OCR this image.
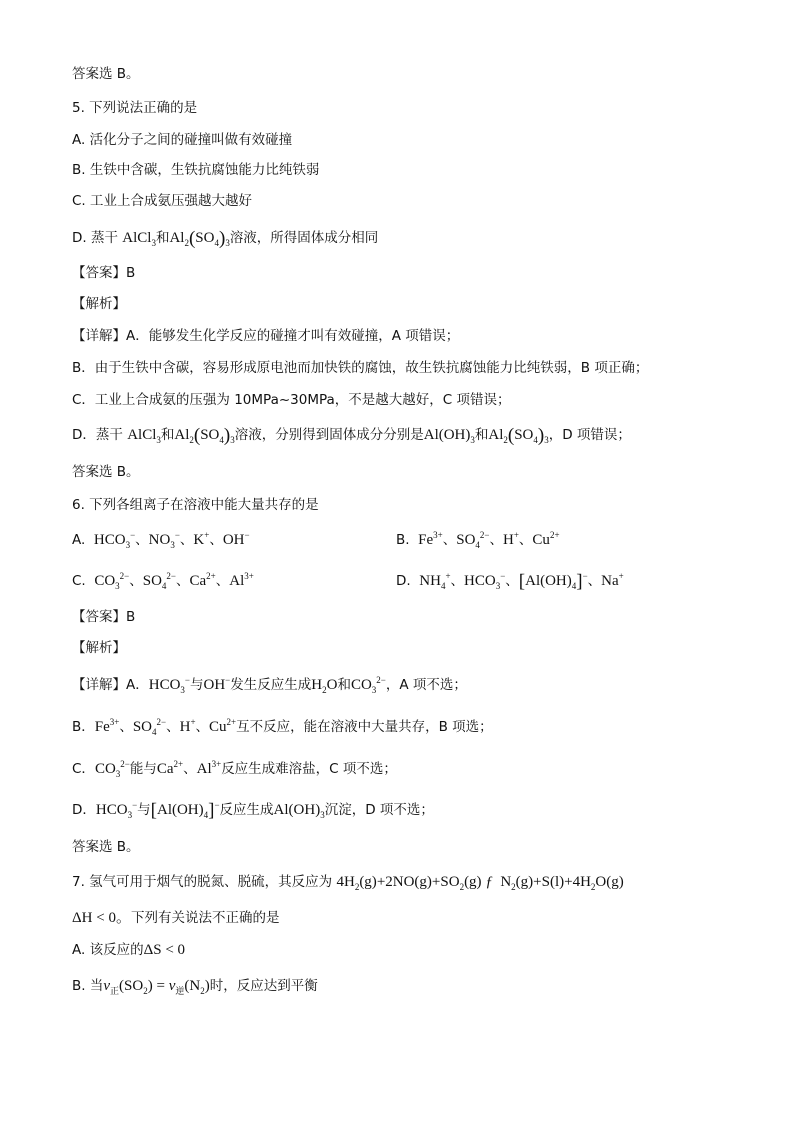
答案选 B。
5. 下列说法正确的是
A. 活化分子之间的碰撞叫做有效碰撞
B. 生铁中含碳，生铁抗腐蚀能力比纯铁弱
C. 工业上合成氨压强越大越好
D. 蒸干 AlCl$_3$和$Al_2(SO_4)_3$溶液，所得固体成分相同
【答案】B
【解析】
【详解】A．能够发生化学反应的碰撞才叫有效碰撞，A 项错误；
B．由于生铁中含碳，容易形成原电池而加快铁的腐蚀，故生铁抗腐蚀能力比纯铁弱，B 项正确；
C．工业上合成氨的压强为 10MPa~30MPa，不是越大越好，C 项错误；
D．蒸干 AlCl$_3$和$Al_2(SO_4)_3$溶液，分别得到固体成分分别是$Al(OH)_3$和$Al_2(SO_4)_3$，D 项错误；
答案选 B。
6. 下列各组离子在溶液中能大量共存的是
A. $HCO_3^-$、$NO_3^-$、K+、OH−	B. $Fe^{3+}$、$SO_4^{2-}$、H+、$Cu^{2+}$
C. $CO_3^{2-}$、$SO_4^{2-}$、$Ca^{2+}$、$Al^{3+}$	D. $NH_4^+$、$HCO_3^-$、$[Al(OH)_4]^-$、Na+
【答案】B
【解析】
【详解】A．$HCO_3^-$与OH−发生反应生成$H_2O$和$CO_3^{2-}$，A 项不选；
B．$Fe^{3+}$、$SO_4^{2-}$、H+、$Cu^{2+}$互不反应，能在溶液中大量共存，B 项选；
C．$CO_3^{2-}$能与$Ca^{2+}$、$Al^{3+}$反应生成难溶盐，C 项不选；
D．$HCO_3^-$与$[Al(OH)_4]^-$反应生成$Al(OH)_3$沉淀，D 项不选；
答案选 B。
7. 氢气可用于烟气的脱氮、脱硫，其反应为 $4H_2(g)+2NO(g)+SO_2(g)$ ƒ $N_2(g)+S(l)+4H_2O(g)$
ΔH < 0。下列有关说法不正确的是
A. 该反应的ΔS < 0
B. 当$v_正(SO_2) = v_逆(N_2)$时，反应达到平衡
